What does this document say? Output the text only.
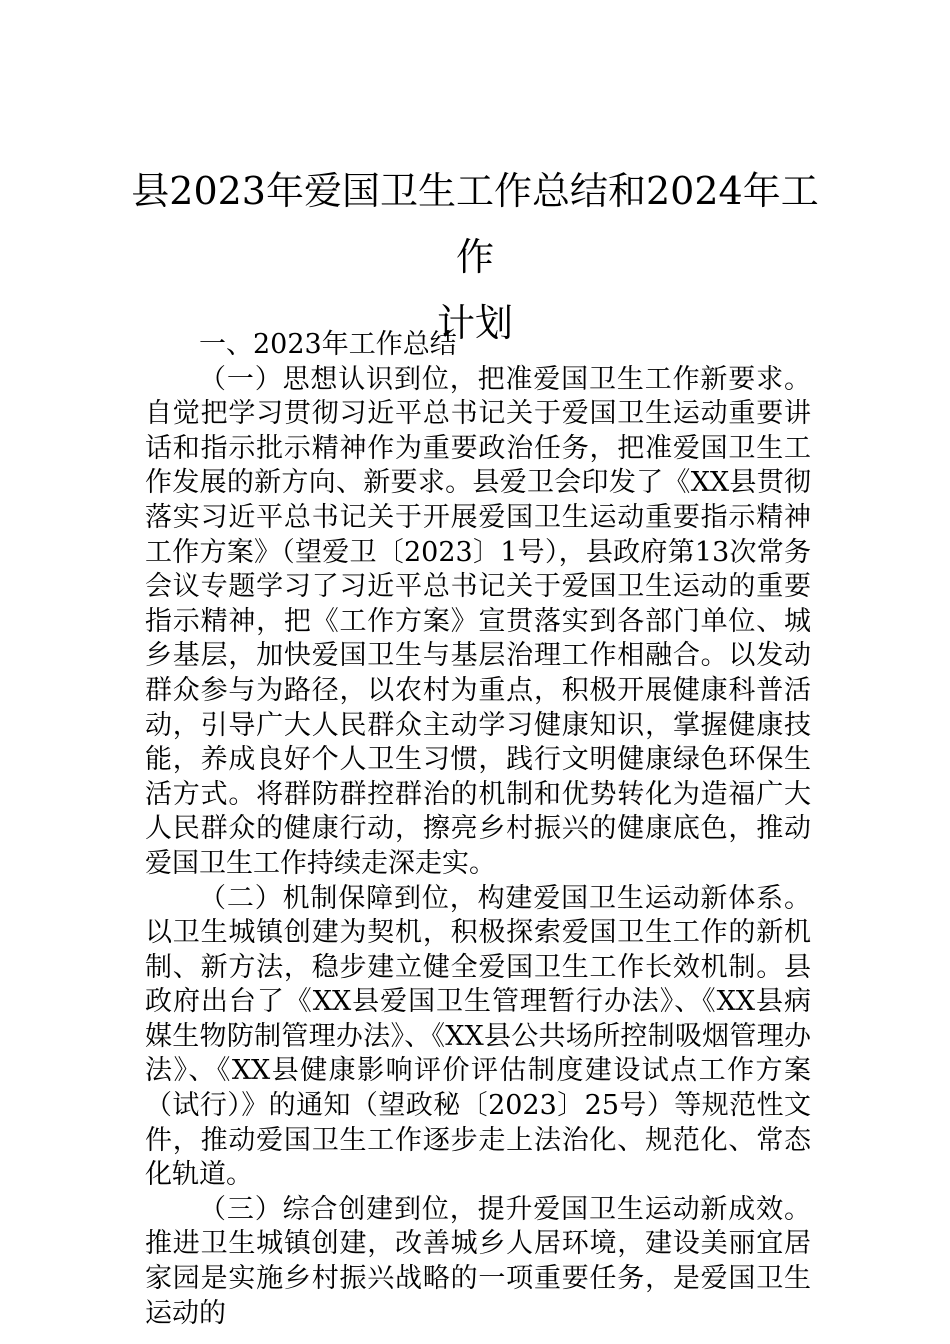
县2023年爱国卫生工作总结和2024年工作
计划

一、2023年工作总结

（一）思想认识到位，把准爱国卫生工作新要求。自觉把学习贯彻习近平总书记关于爱国卫生运动重要讲话和指示批示精神作为重要政治任务，把准爱国卫生工作发展的新方向、新要求。县爱卫会印发了《XX县贯彻落实习近平总书记关于开展爱国卫生运动重要指示精神工作方案》（望爱卫〔2023〕1号），县政府第13次常务会议专题学习了习近平总书记关于爱国卫生运动的重要指示精神，把《工作方案》宣贯落实到各部门单位、城乡基层，加快爱国卫生与基层治理工作相融合。以发动群众参与为路径，以农村为重点，积极开展健康科普活动，引导广大人民群众主动学习健康知识，掌握健康技能，养成良好个人卫生习惯，践行文明健康绿色环保生活方式。将群防群控群治的机制和优势转化为造福广大人民群众的健康行动，擦亮乡村振兴的健康底色，推动爱国卫生工作持续走深走实。

（二）机制保障到位，构建爱国卫生运动新体系。以卫生城镇创建为契机，积极探索爱国卫生工作的新机制、新方法，稳步建立健全爱国卫生工作长效机制。县政府出台了《XX县爱国卫生管理暂行办法》、《XX县病媒生物防制管理办法》、《XX县公共场所控制吸烟管理办法》、《XX县健康影响评价评估制度建设试点工作方案（试行）》的通知（望政秘〔2023〕25号）等规范性文件，推动爱国卫生工作逐步走上法治化、规范化、常态化轨道。

（三）综合创建到位，提升爱国卫生运动新成效。推进卫生城镇创建，改善城乡人居环境，建设美丽宜居家园是实施乡村振兴战略的一项重要任务，是爱国卫生运动的
